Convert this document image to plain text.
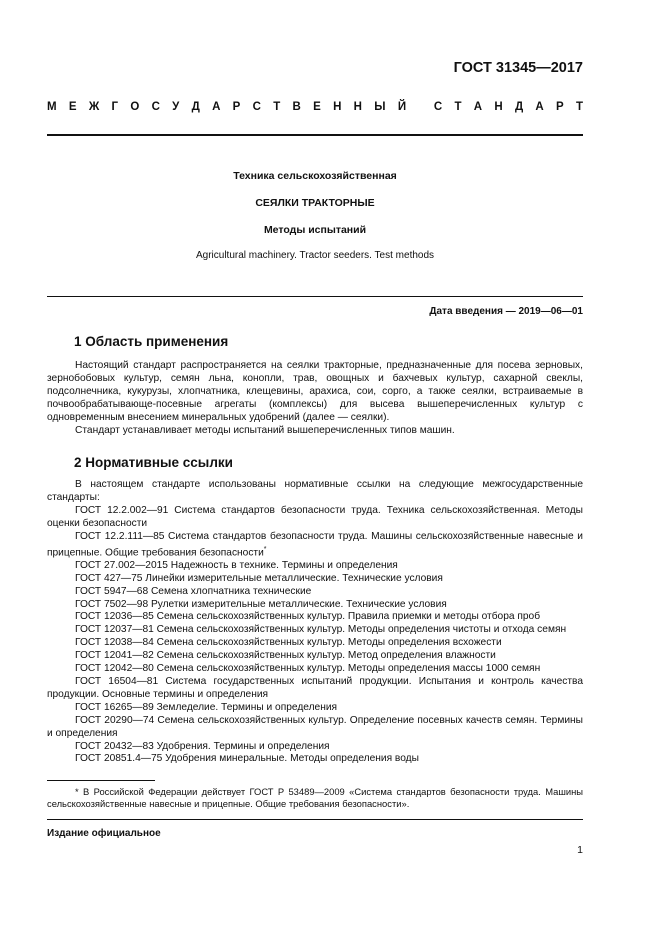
ГОСТ 31345—2017
М Е Ж Г О С У Д А Р С Т В Е Н Н Ы Й
С Т А Н Д А Р Т
Техника сельскохозяйственная
СЕЯЛКИ ТРАКТОРНЫЕ
Методы испытаний
Agricultural machinery. Tractor seeders. Test methods
Дата введения — 2019—06—01
1 Область применения

Настоящий стандарт распространяется на сеялки тракторные, предназначенные для посева зерновых, зернобобовых культур, семян льна, конопли, трав, овощных и бахчевых культур, сахарной свеклы, подсолнечника, кукурузы, хлопчатника, клещевины, арахиса, сои, сорго, а также сеялки, встраиваемые в почвообрабатывающе-посевные агрегаты (комплексы) для высева вышеперечисленных культур с одновременным внесением минеральных удобрений (далее — сеялки).

Стандарт устанавливает методы испытаний вышеперечисленных типов машин.

2 Нормативные ссылки

В настоящем стандарте использованы нормативные ссылки на следующие межгосударственные стандарты:

ГОСТ 12.2.002—91 Система стандартов безопасности труда. Техника сельскохозяйственная. Методы оценки безопасности

ГОСТ 12.2.111—85 Система стандартов безопасности труда. Машины сельскохозяйственные навесные и прицепные. Общие требования безопасности*

ГОСТ 27.002—2015 Надежность в технике. Термины и определения

ГОСТ 427—75 Линейки измерительные металлические. Технические условия

ГОСТ 5947—68 Семена хлопчатника технические

ГОСТ 7502—98 Рулетки измерительные металлические. Технические условия

ГОСТ 12036—85 Семена сельскохозяйственных культур. Правила приемки и методы отбора проб

ГОСТ 12037—81 Семена сельскохозяйственных культур. Методы определения чистоты и отхода семян

ГОСТ 12038—84 Семена сельскохозяйственных культур. Методы определения всхожести

ГОСТ 12041—82 Семена сельскохозяйственных культур. Метод определения влажности

ГОСТ 12042—80 Семена сельскохозяйственных культур. Методы определения массы 1000 семян

ГОСТ 16504—81 Система государственных испытаний продукции. Испытания и контроль качества продукции. Основные термины и определения

ГОСТ 16265—89 Земледелие. Термины и определения

ГОСТ 20290—74 Семена сельскохозяйственных культур. Определение посевных качеств семян. Термины и определения

ГОСТ 20432—83 Удобрения. Термины и определения

ГОСТ 20851.4—75 Удобрения минеральные. Методы определения воды

* В Российской Федерации действует ГОСТ Р 53489—2009 «Система стандартов безопасности труда. Машины сельскохозяйственные навесные и прицепные. Общие требования безопасности».

Издание официальное
1
